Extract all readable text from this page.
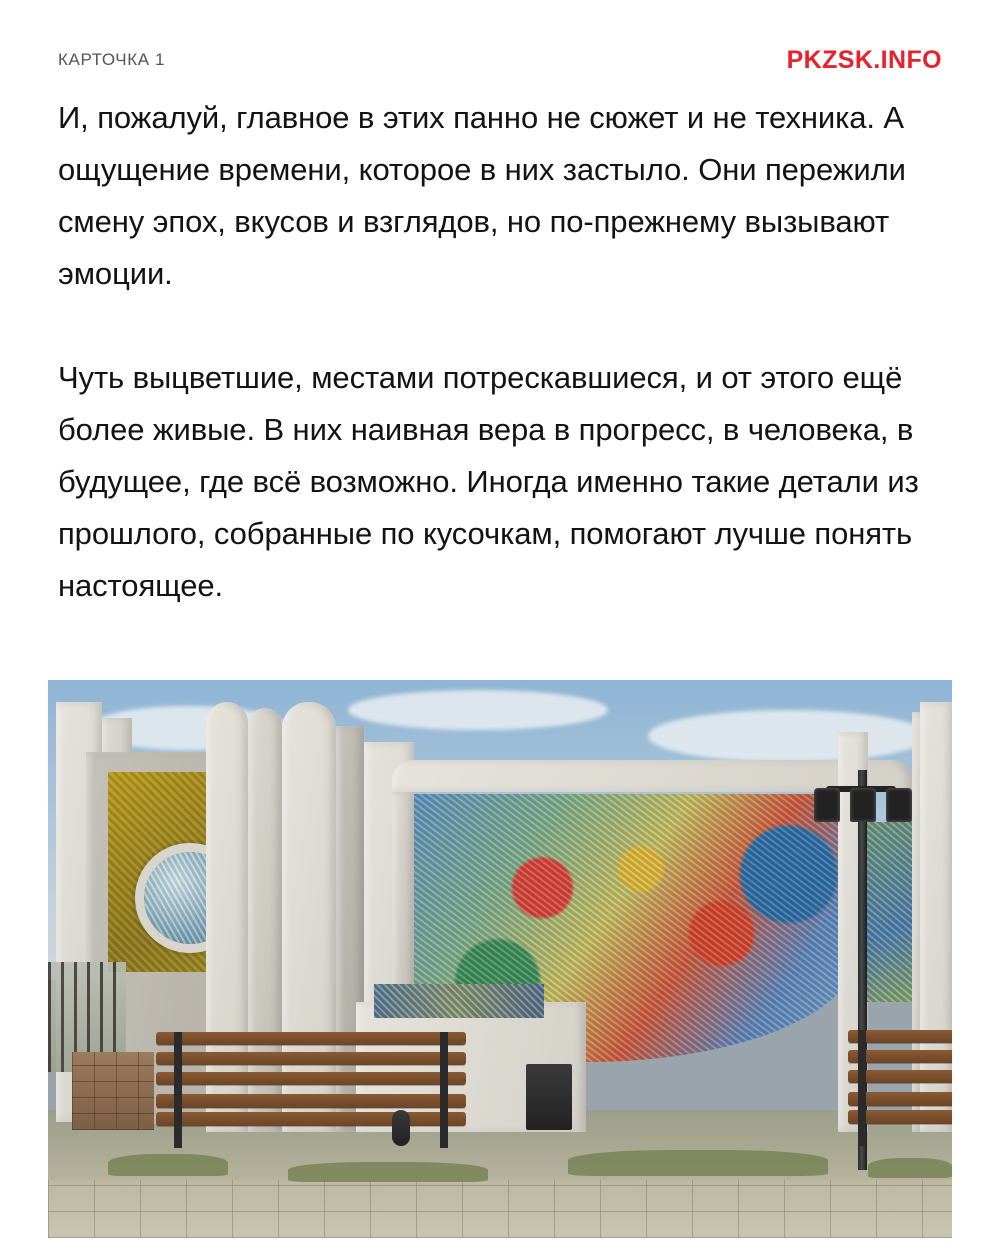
КАРТОЧКА 1	PKZSK.INFO

И, пожалуй, главное в этих панно не сюжет и не техника. А ощущение времени, которое в них застыло. Они пережили смену эпох, вкусов и взглядов, но по-прежнему вызывают эмоции.

Чуть выцветшие, местами потрескавшиеся, и от этого ещё более живые. В них наивная вера в прогресс, в человека, в будущее, где всё возможно. Иногда именно такие детали из прошлого, собранные по кусочкам, помогают лучше понять настоящее.
